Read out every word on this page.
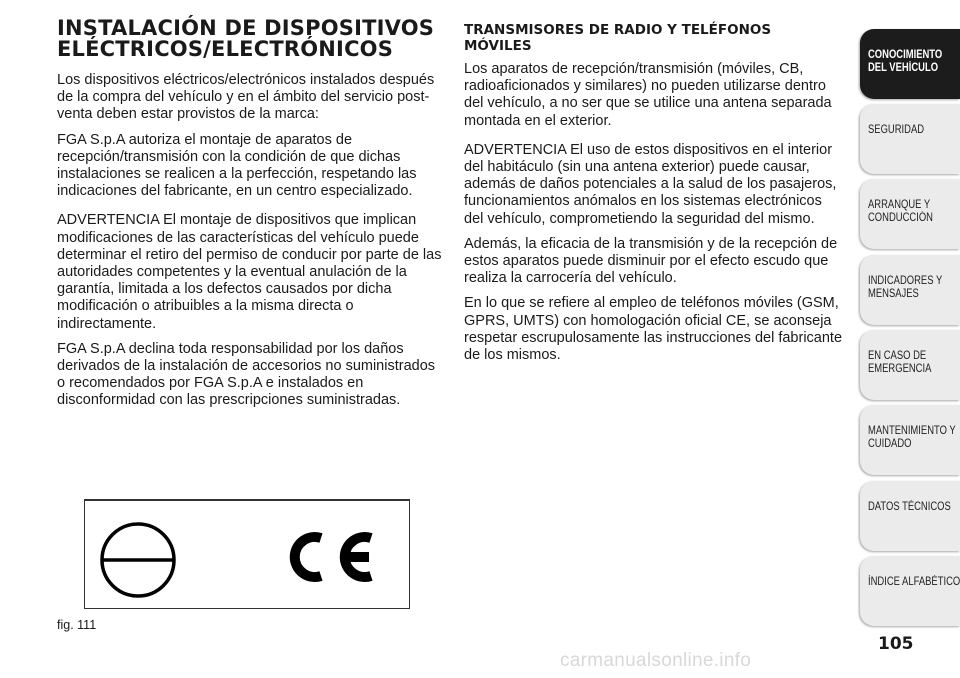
INSTALACIÓN DE DISPOSITIVOS
ELÉCTRICOS/ELECTRÓNICOS

Los dispositivos eléctricos/electrónicos instalados después de la compra del vehículo y en el ámbito del servicio post-venta deben estar provistos de la marca:

FGA S.p.A autoriza el montaje de aparatos de recepción/transmisión con la condición de que dichas instalaciones se realicen a la perfección, respetando las indicaciones del fabricante, en un centro especializado.

ADVERTENCIA El montaje de dispositivos que implican modificaciones de las características del vehículo puede determinar el retiro del permiso de conducir por parte de las autoridades competentes y la eventual anulación de la garantía, limitada a los defectos causados por dicha modificación o atribuibles a la misma directa o indirectamente.

FGA S.p.A declina toda responsabilidad por los daños derivados de la instalación de accesorios no suministrados o recomendados por FGA S.p.A e instalados en disconformidad con las prescripciones suministradas.

TRANSMISORES DE RADIO Y TELÉFONOS
MÓVILES

Los aparatos de recepción/transmisión (móviles, CB, radioaficionados y similares) no pueden utilizarse dentro del vehículo, a no ser que se utilice una antena separada montada en el exterior.

ADVERTENCIA El uso de estos dispositivos en el interior del habitáculo (sin una antena exterior) puede causar, además de daños potenciales a la salud de los pasajeros, funcionamientos anómalos en los sistemas electrónicos del vehículo, comprometiendo la seguridad del mismo.

Además, la eficacia de la transmisión y de la recepción de estos aparatos puede disminuir por el efecto escudo que realiza la carrocería del vehículo.

En lo que se refiere al empleo de teléfonos móviles (GSM, GPRS, UMTS) con homologación oficial CE, se aconseja respetar escrupulosamente las instrucciones del fabricante de los mismos.

fig. 111
CONOCIMIENTO
DEL VEHÍCULO
SEGURIDAD
ARRANQUE Y
CONDUCCIÓN
INDICADORES Y
MENSAJES
EN CASO DE
EMERGENCIA
MANTENIMIENTO Y
CUIDADO
DATOS TÉCNICOS
ÍNDICE ALFABÉTICO
105
carmanualsonline.info
